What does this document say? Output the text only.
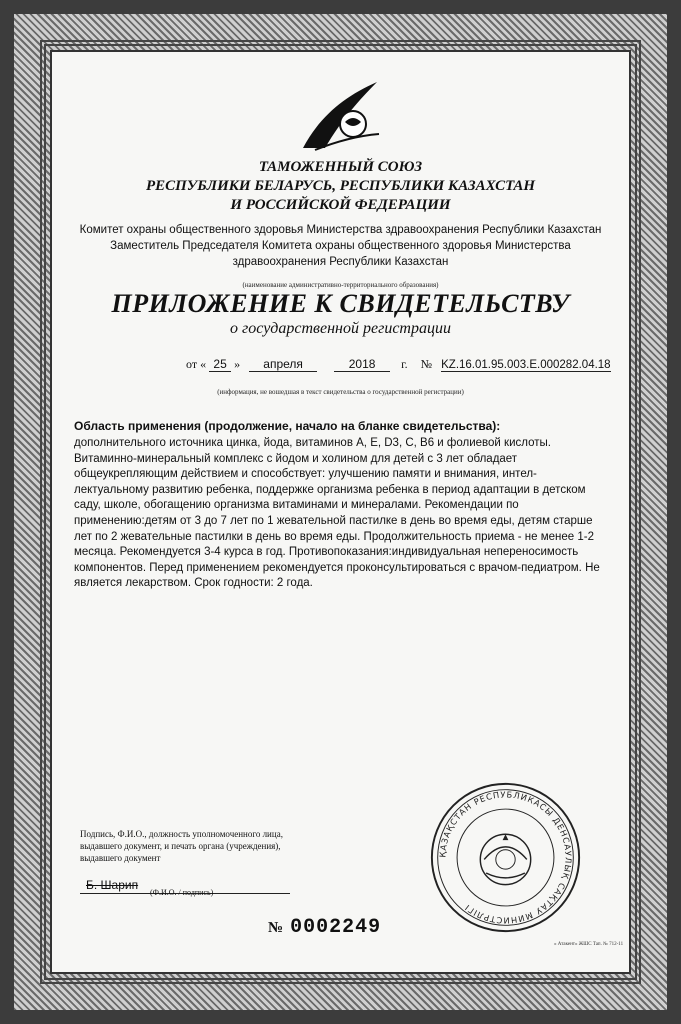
ТАМОЖЕННЫЙ СОЮЗ
РЕСПУБЛИКИ БЕЛАРУСЬ, РЕСПУБЛИКИ КАЗАХСТАН
И РОССИЙСКОЙ ФЕДЕРАЦИИ
Комитет охраны общественного здоровья Министерства здравоохранения Республики Казахстан
Заместитель Председателя Комитета охраны общественного здоровья Министерства
здравоохранения Республики Казахстан
(наименование административно-территориального образования)
ПРИЛОЖЕНИЕ К СВИДЕТЕЛЬСТВУ
о государственной регистрации
от « 25 » апреля	2018 г. № KZ.16.01.95.003.Е.000282.04.18
(информация, не вошедшая в текст свидетельства о государственной регистрации)
Область применения (продолжение, начало на бланке свидетельства):
дополнительного источника цинка, йода, витаминов А, Е, D3, С, В6 и фолиевой кислоты.
Витаминно-минеральный комплекс с йодом и холином для детей с 3 лет обладает
общеукрепляющим действием и способствует: улучшению памяти и внимания, интел-
лектуальному развитию ребенка, поддержке организма ребенка в период адаптации в детском
саду, школе, обогащению организма витаминами и минералами. Рекомендации по
применению:детям от 3 до 7 лет по 1 жевательной пастилке в день во время еды, детям старше
лет по 2 жевательные пастилки в день во время еды. Продолжительность приема - не менее 1-2
месяца. Рекомендуется 3-4 курса в год. Противопоказания:индивидуальная непереносимость
компонентов. Перед применением рекомендуется проконсультироваться с врачом-педиатром. Не
является лекарством. Срок годности: 2 года.
Подпись, Ф.И.О., должность уполномоченного лица,
выдавшего документ, и печать органа (учреждения),
выдавшего документ
Б. Шарип
(Ф.И.О. / подпись)
№ 0002249
ҚАЗАҚСТАН РЕСПУБЛИКАСЫ ДЕНСАУЛЫҚ САҚТАУ МИНИСТРЛІГІ
« Атакент» ЖШС Тап. № 712-11
